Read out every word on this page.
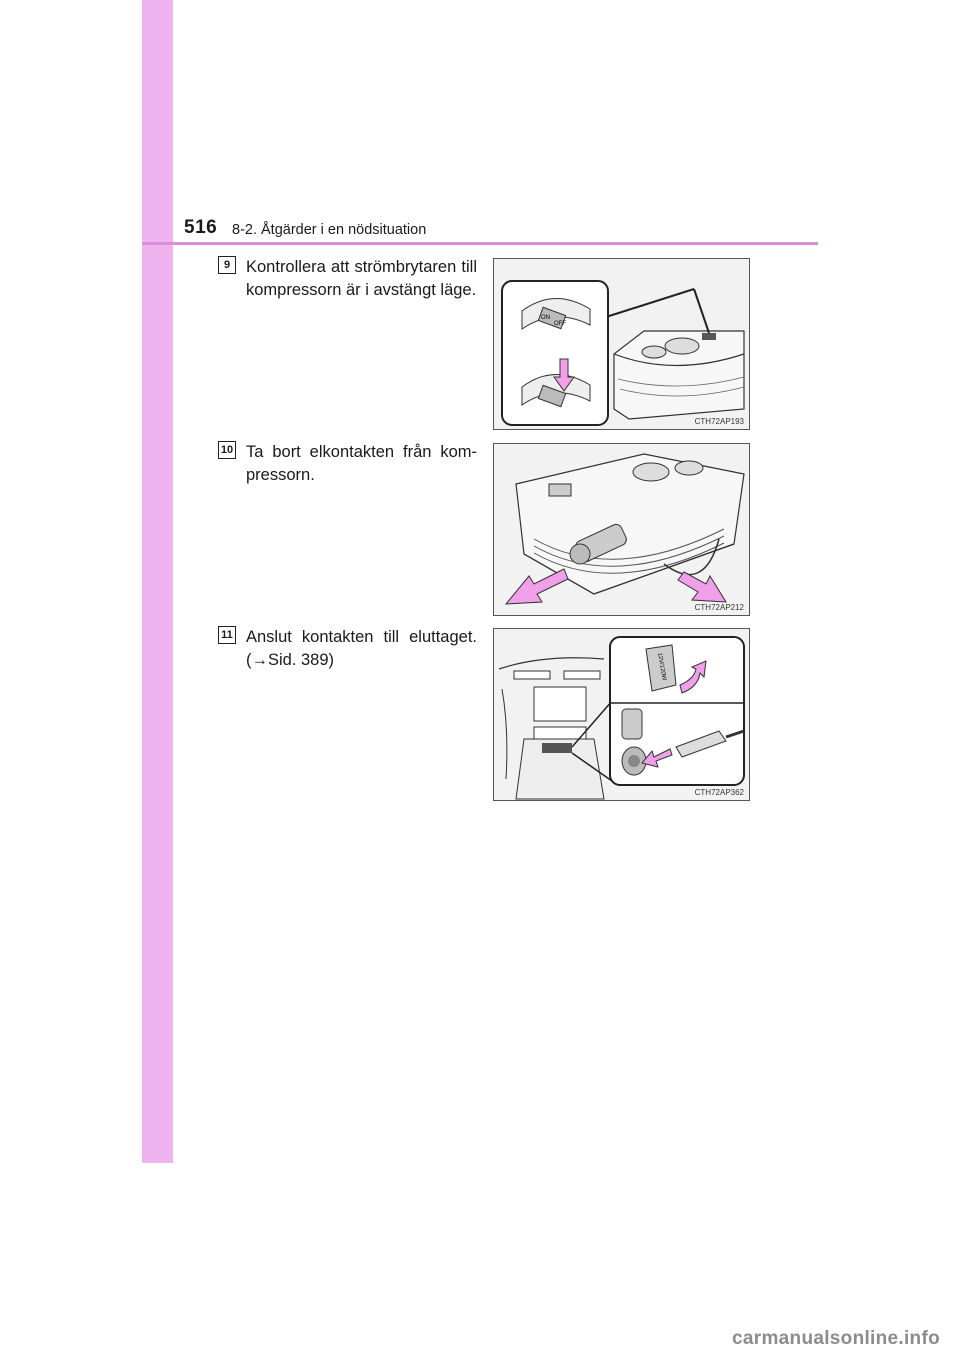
516 8-2. Åtgärder i en nödsituation
9 Kontrollera att strömbrytaren till kompressorn är i avstängt läge.
ON
OFF
CTH72AP193
10 Ta bort elkontakten från kom-pressorn.
CTH72AP212
11 Anslut kontakten till eluttaget. (→Sid. 389)	12V/120W
CTH72AP362
carmanualsonline.info
